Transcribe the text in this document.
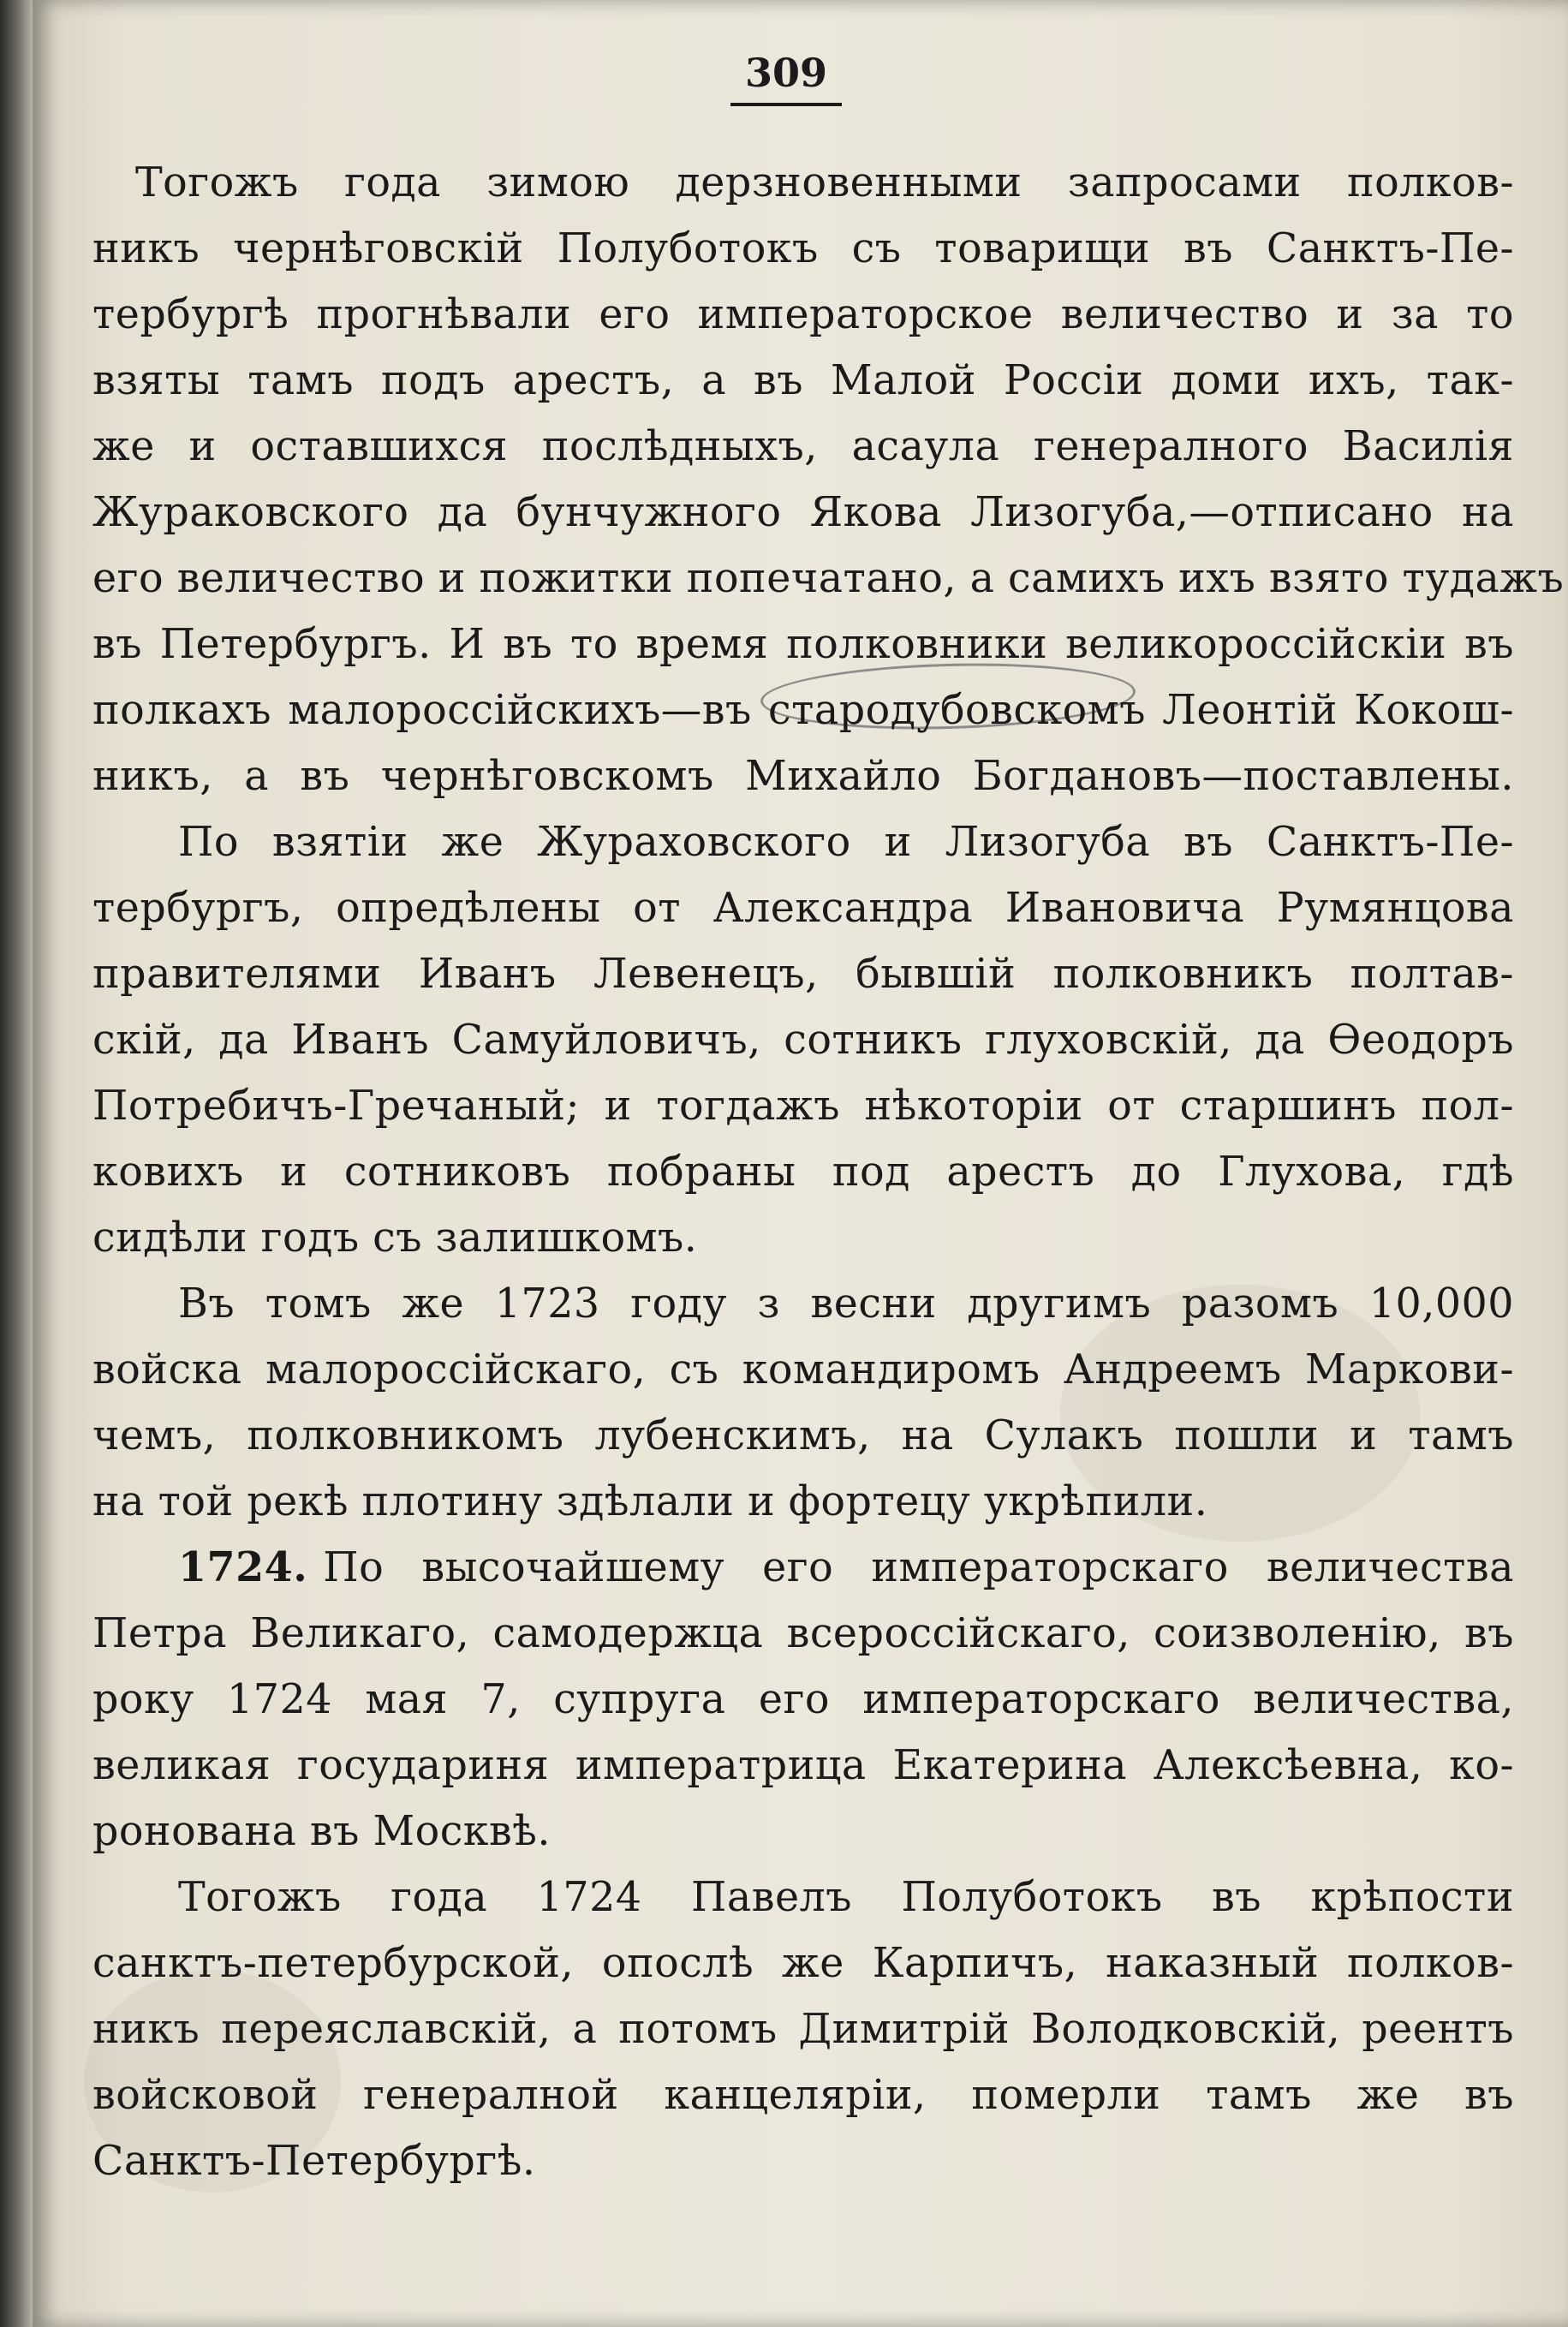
309
Тогожъ года зимою дерзновенными запросами полков-
никъ чернѣговскій Полуботокъ съ товарищи въ Санктъ-Пе-
тербургѣ прогнѣвали его императорское величество и за то
взяты тамъ подъ арестъ, а въ Малой Россіи доми ихъ, так-
же и оставшихся послѣдныхъ, асаула генералного Василія
Жураковского да бунчужного Якова Лизогуба,—отписано на
его величество и пожитки попечатано, а самихъ ихъ взято тудажъ
въ Петербургъ. И въ то время полковники великороссійскіи въ
полкахъ малороссійскихъ—въ стародубовскомъ Леонтій Кокош-
никъ, а въ чернѣговскомъ Михайло Богдановъ—поставлены.
По взятіи же Жураховского и Лизогуба въ Санктъ-Пе-
тербургъ, опредѣлены от Александра Ивановича Румянцова
правителями Иванъ Левенецъ, бывшій полковникъ полтав-
скій, да Иванъ Самуйловичъ, сотникъ глуховскій, да Ѳеодоръ
Потребичъ-Гречаный; и тогдажъ нѣкоторіи от старшинъ пол-
ковихъ и сотниковъ побраны под арестъ до Глухова, гдѣ
сидѣли годъ съ залишкомъ.
Въ томъ же 1723 году з весни другимъ разомъ 10,000
войска малороссійскаго, съ командиромъ Андреемъ Маркови-
чемъ, полковникомъ лубенскимъ, на Сулакъ пошли и тамъ
на той рекѣ плотину здѣлали и фортецу укрѣпили.
1724. По высочайшему его императорскаго величества
Петра Великаго, самодержца всероссійскаго, соизволенію, въ
року 1724 мая 7, супруга его императорскаго величества,
великая государиня императрица Екатерина Алексѣевна, ко-
ронована въ Москвѣ.
Тогожъ года 1724 Павелъ Полуботокъ въ крѣпости
санктъ-петербурской, опослѣ же Карпичъ, наказный полков-
никъ переяславскій, а потомъ Димитрій Володковскій, реентъ
войсковой генералной канцеляріи, померли тамъ же въ
Санктъ-Петербургѣ.
